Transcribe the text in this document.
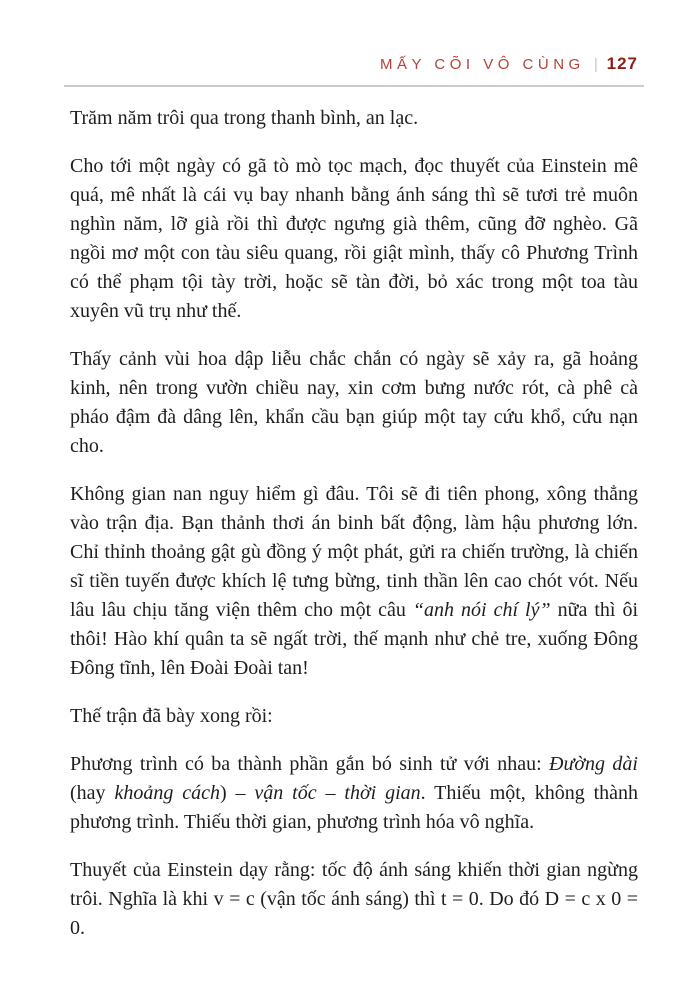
MẤY CÕI VÔ CÙNG | 127

Trăm năm trôi qua trong thanh bình, an lạc.

Cho tới một ngày có gã tò mò tọc mạch, đọc thuyết của Einstein mê quá, mê nhất là cái vụ bay nhanh bằng ánh sáng thì sẽ tươi trẻ muôn nghìn năm, lỡ già rồi thì được ngưng già thêm, cũng đỡ nghèo. Gã ngồi mơ một con tàu siêu quang, rồi giật mình, thấy cô Phương Trình có thể phạm tội tày trời, hoặc sẽ tàn đời, bỏ xác trong một toa tàu xuyên vũ trụ như thế.

Thấy cảnh vùi hoa dập liễu chắc chắn có ngày sẽ xảy ra, gã hoảng kinh, nên trong vườn chiều nay, xin cơm bưng nước rót, cà phê cà pháo đậm đà dâng lên, khẩn cầu bạn giúp một tay cứu khổ, cứu nạn cho.

Không gian nan nguy hiểm gì đâu. Tôi sẽ đi tiên phong, xông thẳng vào trận địa. Bạn thảnh thơi án binh bất động, làm hậu phương lớn. Chỉ thỉnh thoảng gật gù đồng ý một phát, gửi ra chiến trường, là chiến sĩ tiền tuyến được khích lệ tưng bừng, tinh thần lên cao chót vót. Nếu lâu lâu chịu tăng viện thêm cho một câu “anh nói chí lý” nữa thì ôi thôi! Hào khí quân ta sẽ ngất trời, thế mạnh như chẻ tre, xuống Đông Đông tĩnh, lên Đoài Đoài tan!

Thế trận đã bày xong rồi:

Phương trình có ba thành phần gắn bó sinh tử với nhau: Đường dài (hay khoảng cách) – vận tốc – thời gian. Thiếu một, không thành phương trình. Thiếu thời gian, phương trình hóa vô nghĩa.

Thuyết của Einstein dạy rằng: tốc độ ánh sáng khiến thời gian ngừng trôi. Nghĩa là khi v = c (vận tốc ánh sáng) thì t = 0. Do đó D = c x 0 = 0.
